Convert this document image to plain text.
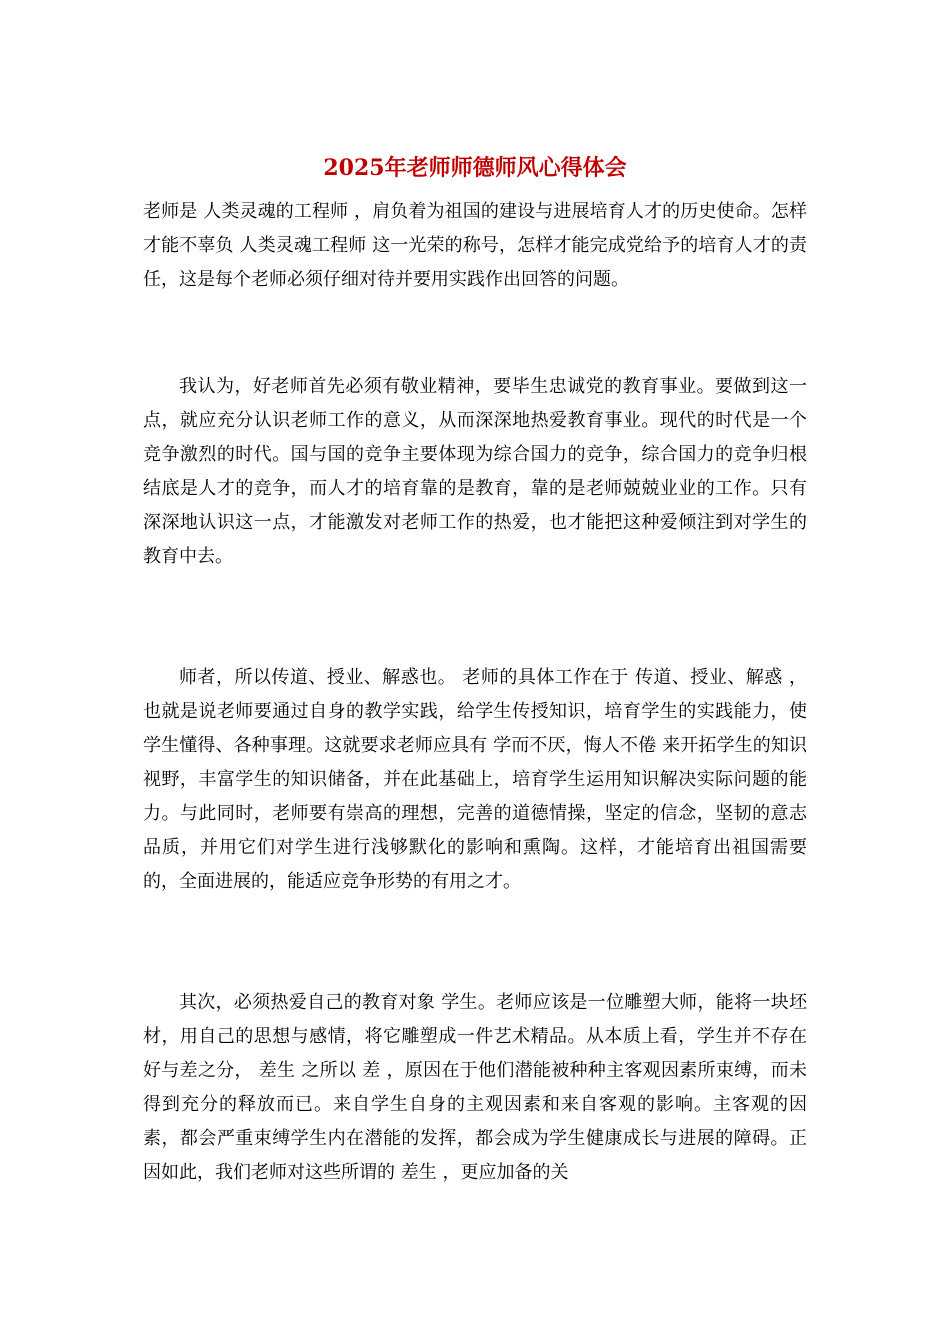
2025年老师师德师风心得体会

老师是 人类灵魂的工程师 ，肩负着为祖国的建设与进展培育人才的历史使命。怎样才能不辜负 人类灵魂工程师 这一光荣的称号，怎样才能完成党给予的培育人才的责任，这是每个老师必须仔细对待并要用实践作出回答的问题。

我认为，好老师首先必须有敬业精神，要毕生忠诚党的教育事业。要做到这一点，就应充分认识老师工作的意义，从而深深地热爱教育事业。现代的时代是一个竞争激烈的时代。国与国的竞争主要体现为综合国力的竞争，综合国力的竞争归根结底是人才的竞争，而人才的培育靠的是教育，靠的是老师兢兢业业的工作。只有深深地认识这一点，才能激发对老师工作的热爱，也才能把这种爱倾注到对学生的教育中去。

师者，所以传道、授业、解惑也。 老师的具体工作在于 传道、授业、解惑 ，也就是说老师要通过自身的教学实践，给学生传授知识，培育学生的实践能力，使学生懂得、各种事理。这就要求老师应具有 学而不厌，悔人不倦 来开拓学生的知识视野，丰富学生的知识储备，并在此基础上，培育学生运用知识解决实际问题的能力。与此同时，老师要有崇高的理想，完善的道德情操，坚定的信念，坚韧的意志品质，并用它们对学生进行浅够默化的影响和熏陶。这样，才能培育出祖国需要的，全面进展的，能适应竞争形势的有用之才。

其次，必须热爱自己的教育对象 学生。老师应该是一位雕塑大师，能将一块坯材，用自己的思想与感情，将它雕塑成一件艺术精品。从本质上看，学生并不存在好与差之分， 差生 之所以 差 ，原因在于他们潜能被种种主客观因素所束缚，而未得到充分的释放而已。来自学生自身的主观因素和来自客观的影响。主客观的因素，都会严重束缚学生内在潜能的发挥，都会成为学生健康成长与进展的障碍。正因如此，我们老师对这些所谓的 差生 ，更应加备的关
